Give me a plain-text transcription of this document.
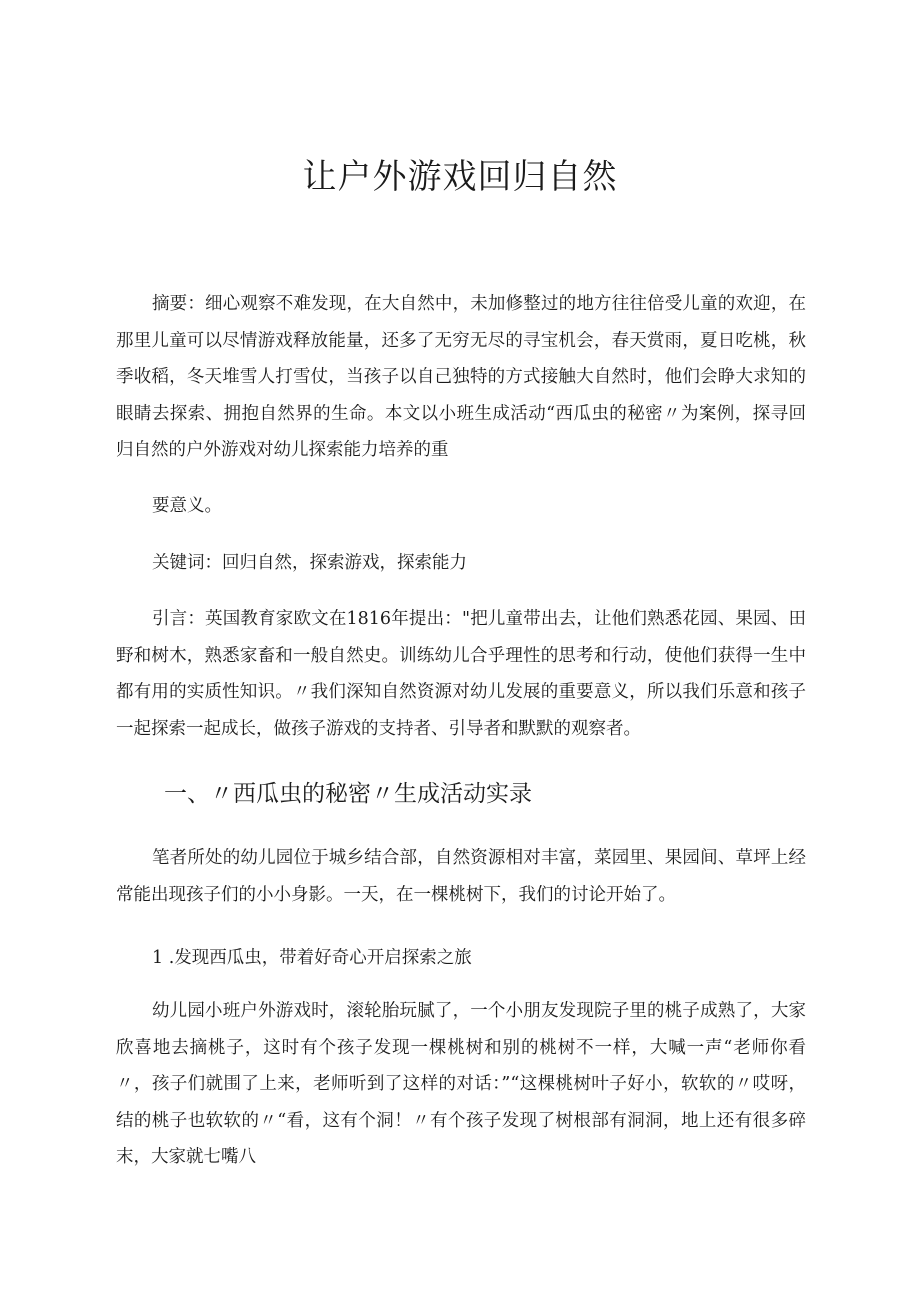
让户外游戏回归自然

摘要：细心观察不难发现，在大自然中，未加修整过的地方往往倍受儿童的欢迎，在那里儿童可以尽情游戏释放能量，还多了无穷无尽的寻宝机会，春天赏雨，夏日吃桃，秋季收稻，冬天堆雪人打雪仗，当孩子以自己独特的方式接触大自然时，他们会睁大求知的眼睛去探索、拥抱自然界的生命。本文以小班生成活动“西瓜虫的秘密〃为案例，探寻回归自然的户外游戏对幼儿探索能力培养的重

要意义。

关键词：回归自然，探索游戏，探索能力

引言：英国教育家欧文在1816年提出："把儿童带出去，让他们熟悉花园、果园、田野和树木，熟悉家畜和一般自然史。训练幼儿合乎理性的思考和行动，使他们获得一生中都有用的实质性知识。〃我们深知自然资源对幼儿发展的重要意义，所以我们乐意和孩子一起探索一起成长，做孩子游戏的支持者、引导者和默默的观察者。

一、〃西瓜虫的秘密〃生成活动实录

笔者所处的幼儿园位于城乡结合部，自然资源相对丰富，菜园里、果园间、草坪上经常能出现孩子们的小小身影。一天，在一棵桃树下，我们的讨论开始了。

1 .发现西瓜虫，带着好奇心开启探索之旅

幼儿园小班户外游戏时，滚轮胎玩腻了，一个小朋友发现院子里的桃子成熟了，大家欣喜地去摘桃子，这时有个孩子发现一棵桃树和别的桃树不一样，大喊一声“老师你看〃，孩子们就围了上来，老师听到了这样的对话：”“这棵桃树叶子好小，软软的〃哎呀，结的桃子也软软的〃“看，这有个洞！〃有个孩子发现了树根部有洞洞，地上还有很多碎末，大家就七嘴八
